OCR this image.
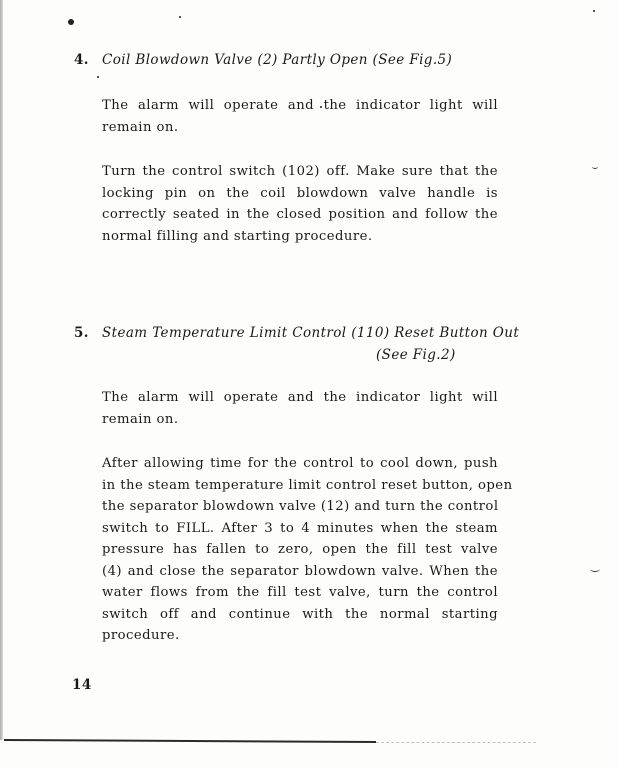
4. Coil Blowdown Valve (2) Partly Open (See Fig.5)
The alarm will operate and the indicator light will
remain on.
Turn the control switch (102) off. Make sure that the
locking pin on the coil blowdown valve handle is
correctly seated in the closed position and follow the
normal filling and starting procedure.
5. Steam Temperature Limit Control (110) Reset Button Out
(See Fig.2)
The alarm will operate and the indicator light will
remain on.
After allowing time for the control to cool down, push
in the steam temperature limit control reset button, open
the separator blowdown valve (12) and turn the control
switch to FILL. After 3 to 4 minutes when the steam
pressure has fallen to zero, open the fill test valve
(4) and close the separator blowdown valve. When the
water flows from the fill test valve, turn the control
switch off and continue with the normal starting
procedure.
14
